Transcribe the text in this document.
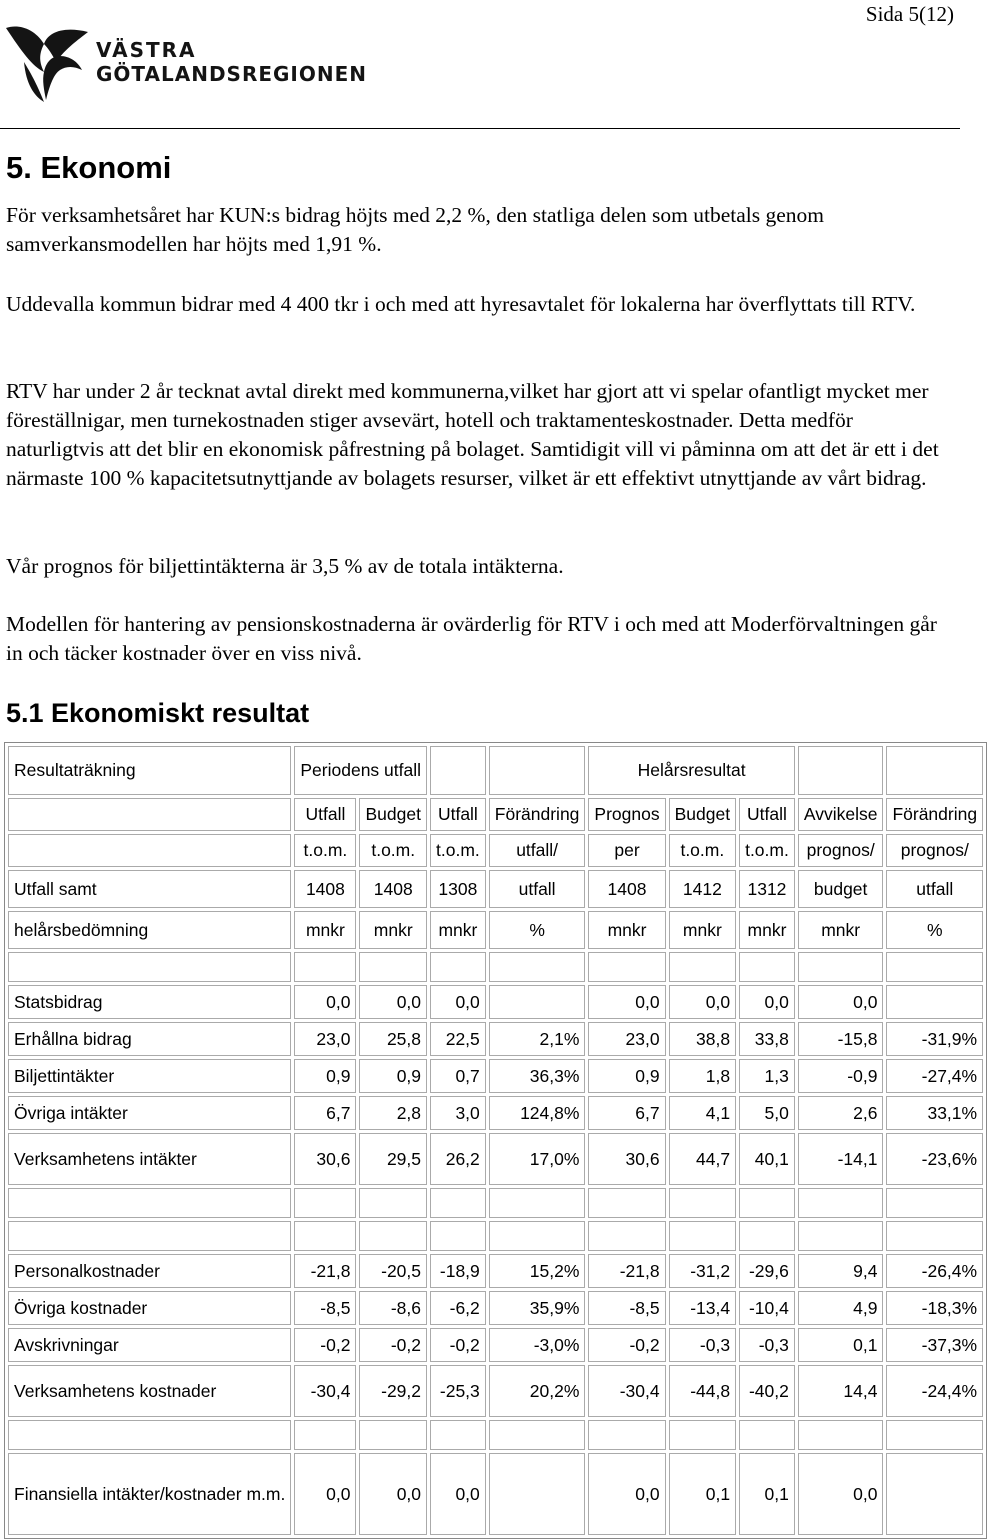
Sida 5(12)
VÄSTRA
GÖTALANDSREGIONEN
5. Ekonomi

För verksamhetsåret har KUN:s bidrag höjts med 2,2 %, den statliga delen som utbetals genom samverkansmodellen har höjts med 1,91 %.

Uddevalla kommun bidrar med 4 400 tkr i och med att hyresavtalet för lokalerna har överflyttats till RTV.

RTV har under 2 år tecknat avtal direkt med kommunerna,vilket har gjort att vi spelar ofantligt mycket mer föreställnigar, men turnekostnaden stiger avsevärt, hotell och traktamenteskostnader. Detta medför naturligtvis att det blir en ekonomisk påfrestning på bolaget. Samtidigit vill vi påminna om att det är ett i det närmaste 100 % kapacitetsutnyttjande av bolagets resurser, vilket är ett effektivt utnyttjande av vårt bidrag.

Vår prognos för biljettintäkterna är 3,5 % av de totala intäkterna.

Modellen för hantering av pensionskostnaderna är ovärderlig för RTV i och med att Moderförvaltningen går in och täcker kostnader över en viss nivå.

5.1 Ekonomiskt resultat
Resultaträkning	Periodens utfall				Helårsresultat				
	Utfall	Budget	Utfall	Förändring	Prognos	Budget	Utfall	Avvikelse	Förändring
	t.o.m.	t.o.m.	t.o.m.	utfall/	per	t.o.m.	t.o.m.	prognos/	prognos/
Utfall samt	1408	1408	1308	utfall	1408	1412	1312	budget	utfall
helårsbedömning	mnkr	mnkr	mnkr	%	mnkr	mnkr	mnkr	mnkr	%

Statsbidrag	0,0	0,0	0,0		0,0	0,0	0,0	0,0	
Erhållna bidrag	23,0	25,8	22,5	2,1%	23,0	38,8	33,8	-15,8	-31,9%
Biljettintäkter	0,9	0,9	0,7	36,3%	0,9	1,8	1,3	-0,9	-27,4%
Övriga intäkter	6,7	2,8	3,0	124,8%	6,7	4,1	5,0	2,6	33,1%
Verksamhetens intäkter	30,6	29,5	26,2	17,0%	30,6	44,7	40,1	-14,1	-23,6%

Personalkostnader	-21,8	-20,5	-18,9	15,2%	-21,8	-31,2	-29,6	9,4	-26,4%
Övriga kostnader	-8,5	-8,6	-6,2	35,9%	-8,5	-13,4	-10,4	4,9	-18,3%
Avskrivningar	-0,2	-0,2	-0,2	-3,0%	-0,2	-0,3	-0,3	0,1	-37,3%
Verksamhetens kostnader	-30,4	-29,2	-25,3	20,2%	-30,4	-44,8	-40,2	14,4	-24,4%

Finansiella intäkter/kostnader m.m.	0,0	0,0	0,0		0,0	0,1	0,1	0,0	
